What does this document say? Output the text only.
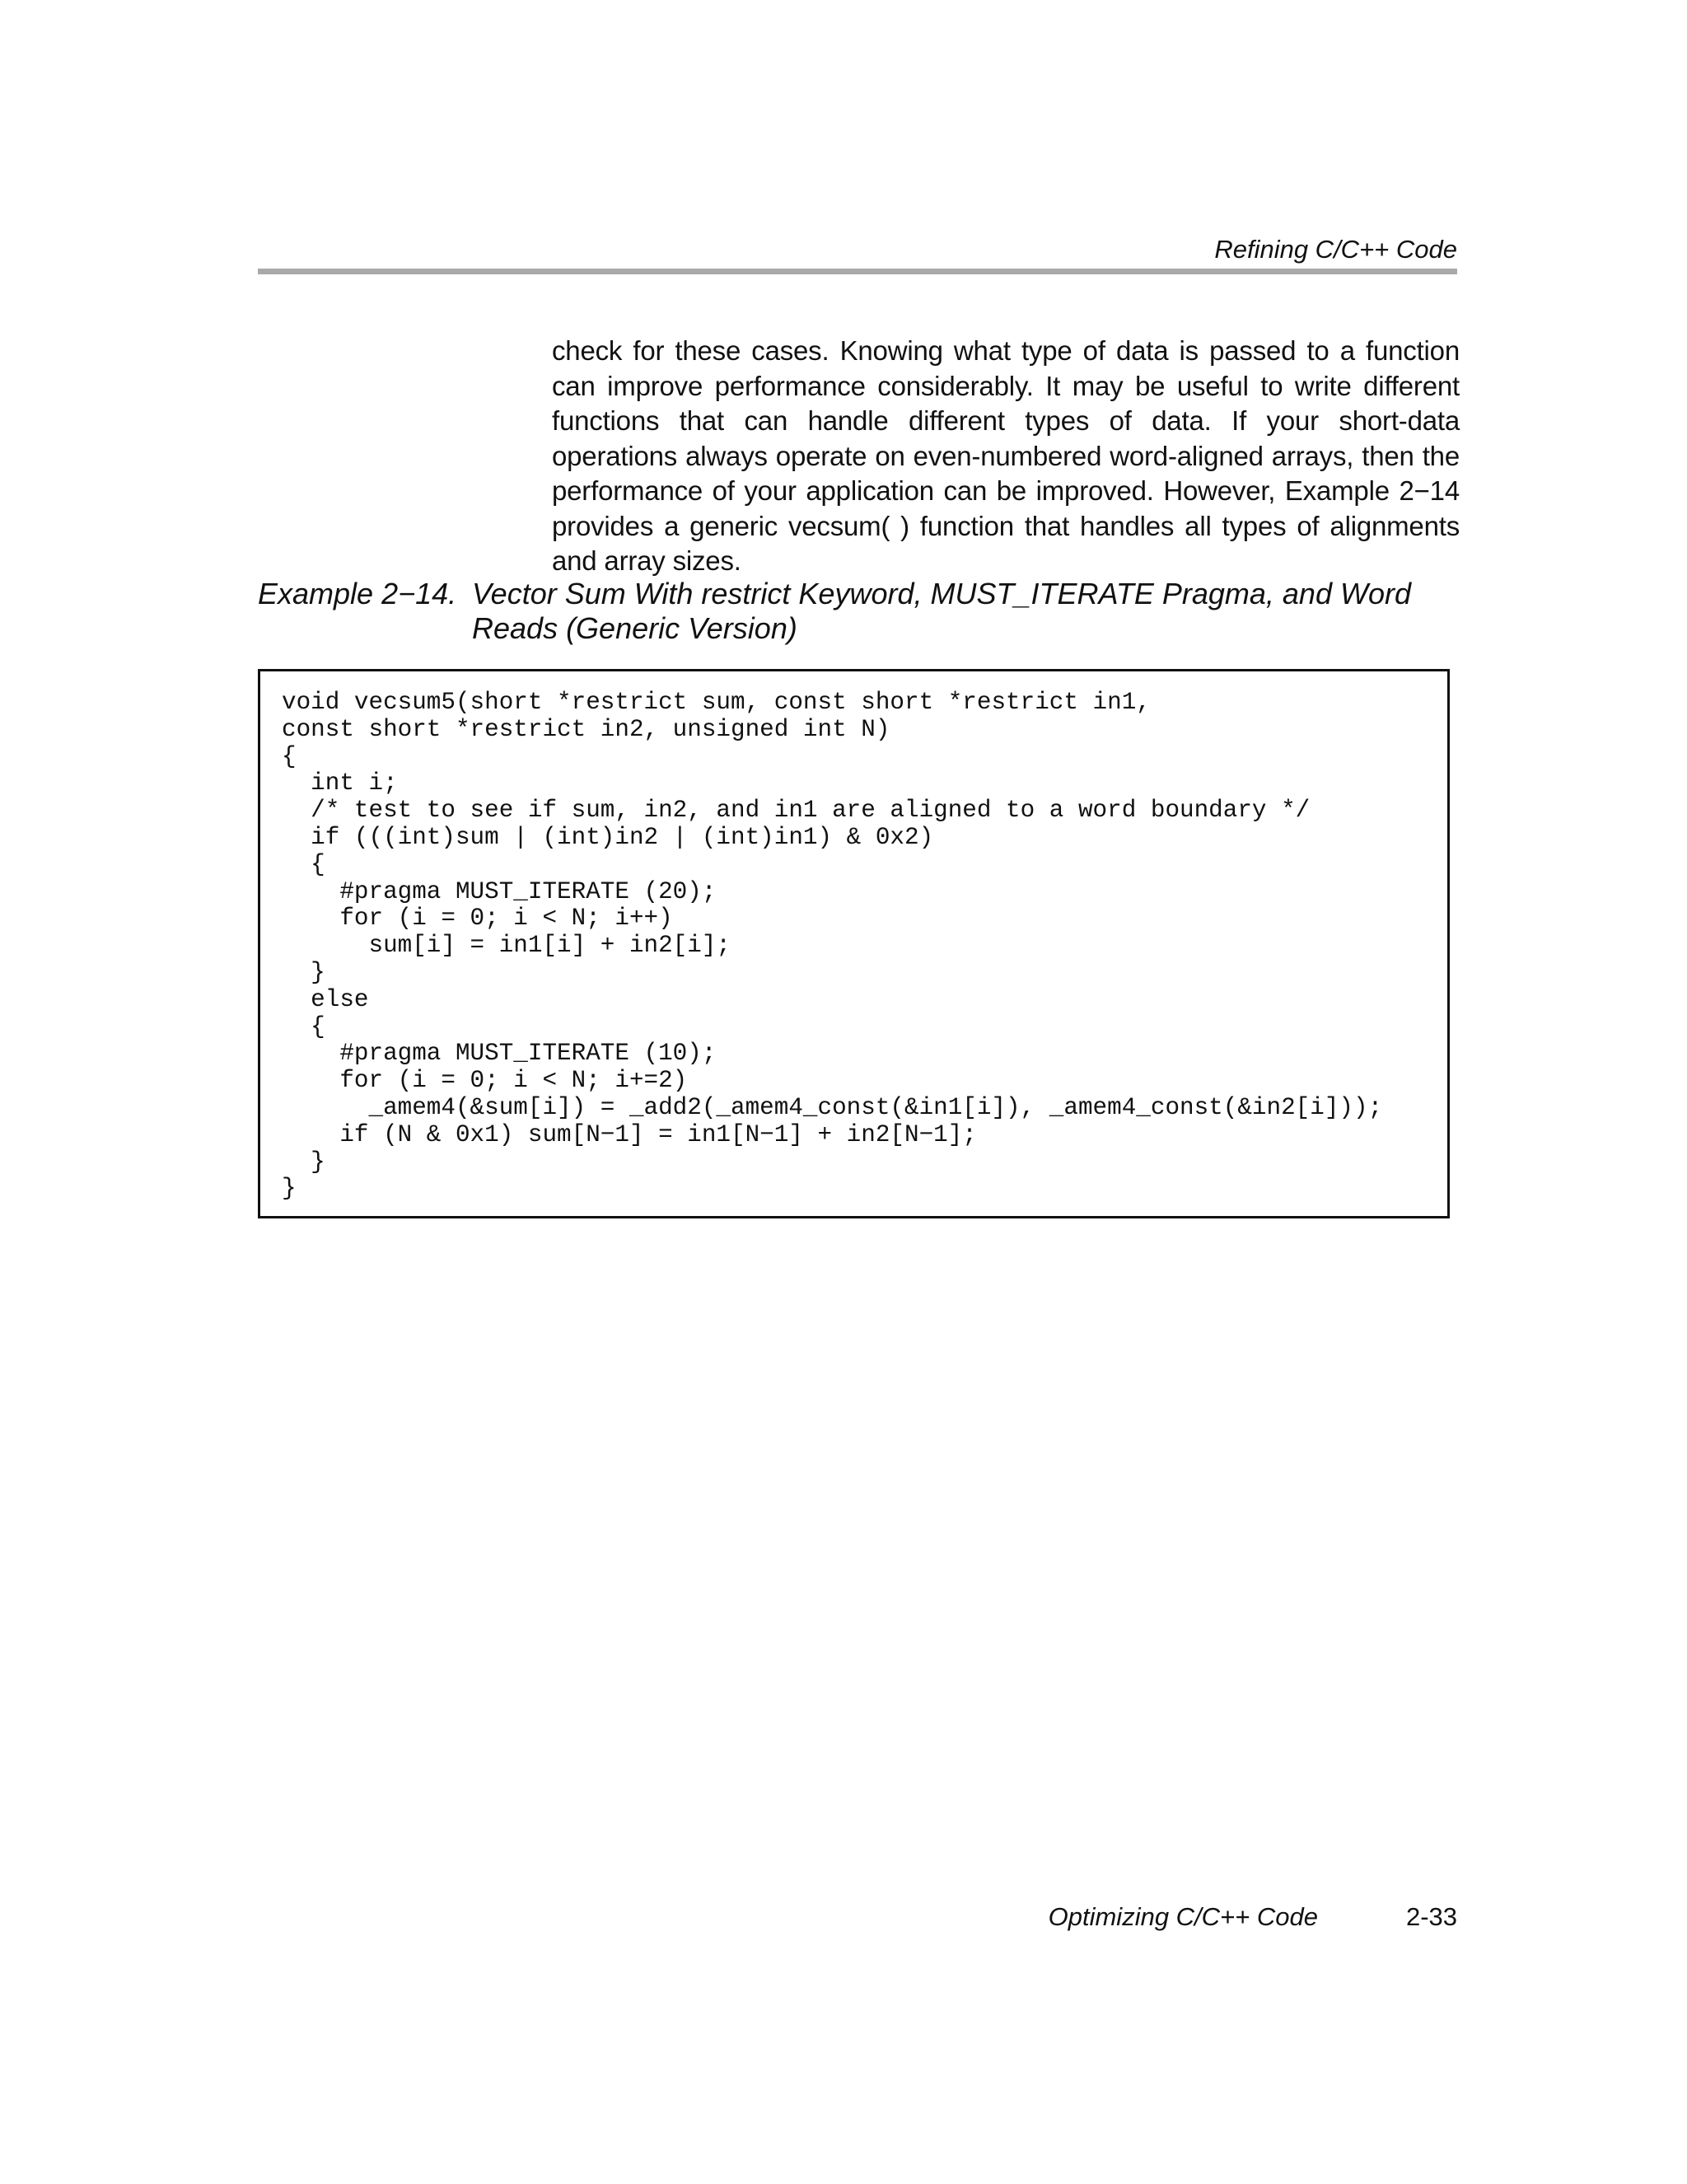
Refining C/C++ Code

check for these cases. Knowing what type of data is passed to a function can improve performance considerably. It may be useful to write different functions that can handle different types of data. If your short-data operations always operate on even-numbered word-aligned arrays, then the performance of your application can be improved. However, Example 2−14 provides a generic vecsum( ) function that handles all types of alignments and array sizes.

Example 2−14. Vector Sum With restrict Keyword, MUST_ITERATE Pragma, and Word Reads (Generic Version)
void vecsum5(short *restrict sum, const short *restrict in1,
const short *restrict in2, unsigned int N)
{
int i;
/* test to see if sum, in2, and in1 are aligned to a word boundary */
if (((int)sum | (int)in2 | (int)in1) & 0x2)
{
#pragma MUST_ITERATE (20);
for (i = 0; i < N; i++)
sum[i] = in1[i] + in2[i];
}
else
{
#pragma MUST_ITERATE (10);
for (i = 0; i < N; i+=2)
_amem4(&sum[i]) = _add2(_amem4_const(&in1[i]), _amem4_const(&in2[i]));
if (N & 0x1) sum[N−1] = in1[N−1] + in2[N−1];
}
}
Optimizing C/C++ Code	2-33
